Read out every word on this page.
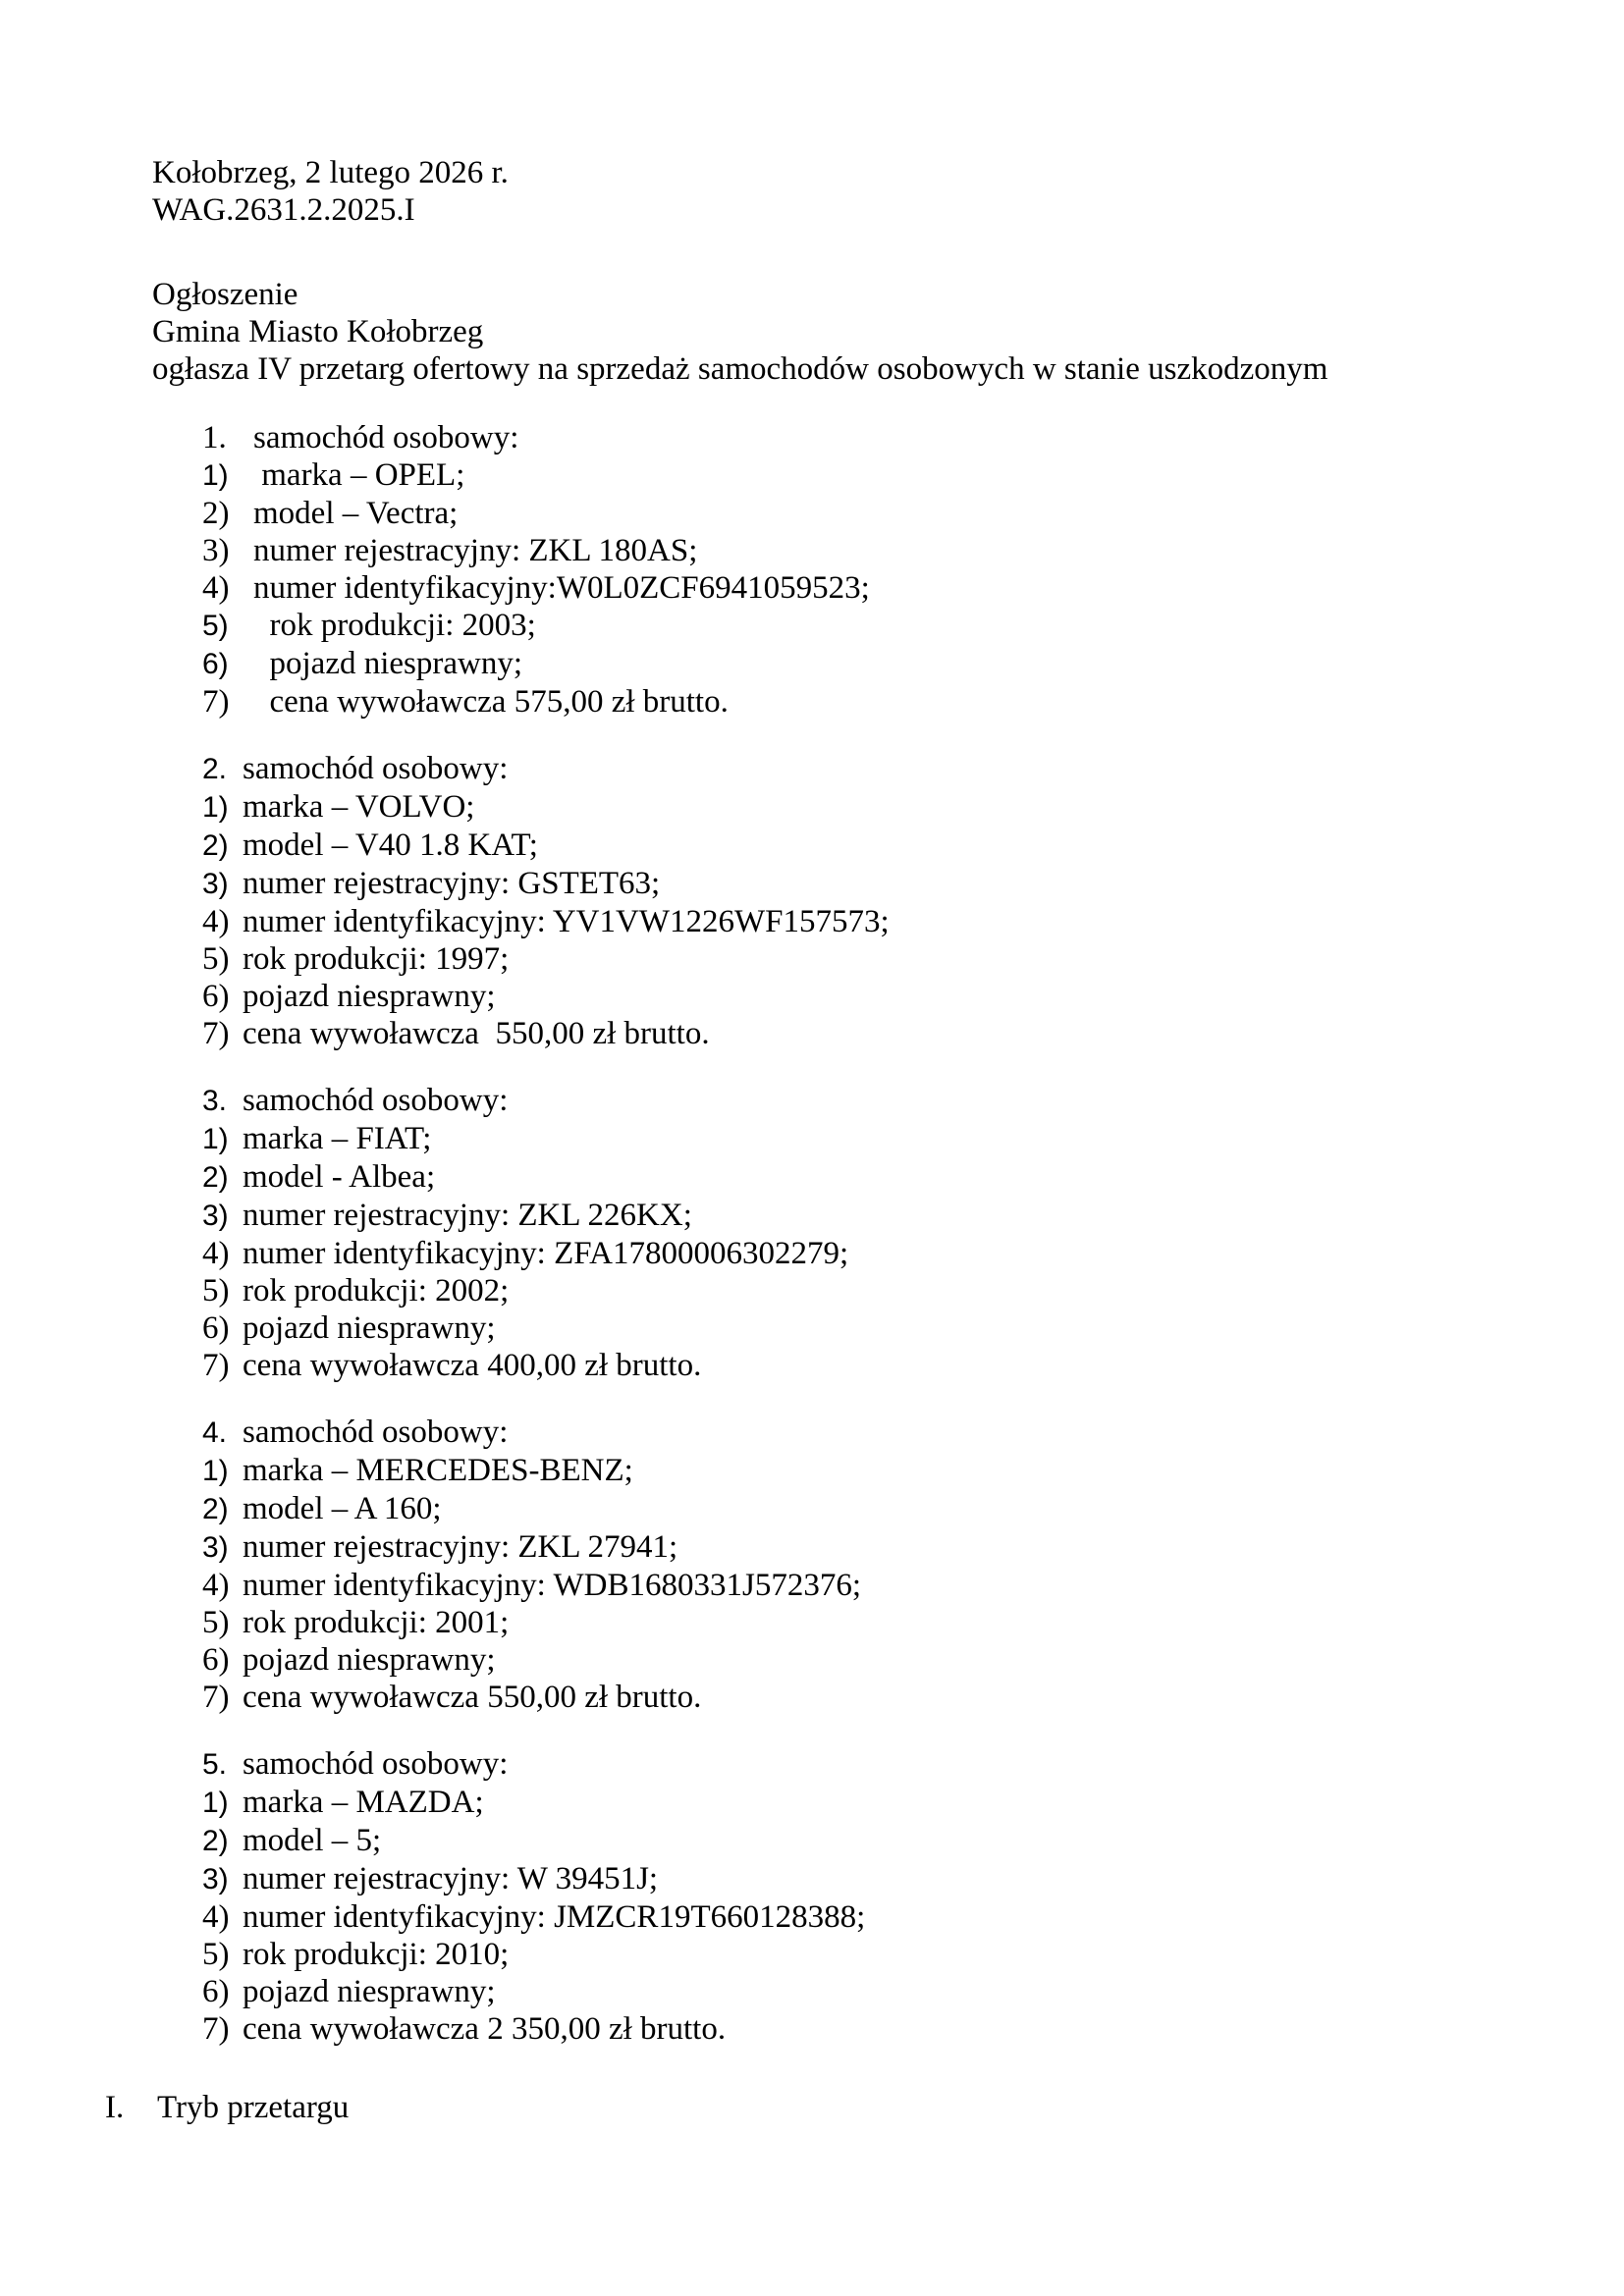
Kołobrzeg, 2 lutego 2026 r.
WAG.2631.2.2025.I
Ogłoszenie
Gmina Miasto Kołobrzeg
ogłasza IV przetarg ofertowy na sprzedaż samochodów osobowych w stanie uszkodzonym
1. samochód osobowy:
1) marka – OPEL;
2) model – Vectra;
3) numer rejestracyjny: ZKL 180AS;
4) numer identyfikacyjny:W0L0ZCF6941059523;
5) rok produkcji: 2003;
6) pojazd niesprawny;
7) cena wywoławcza 575,00 zł brutto.
2. samochód osobowy:
1) marka – VOLVO;
2) model – V40 1.8 KAT;
3) numer rejestracyjny: GSTET63;
4) numer identyfikacyjny: YV1VW1226WF157573;
5) rok produkcji: 1997;
6) pojazd niesprawny;
7) cena wywoławcza  550,00 zł brutto.
3. samochód osobowy:
1) marka – FIAT;
2) model - Albea;
3) numer rejestracyjny: ZKL 226KX;
4) numer identyfikacyjny: ZFA17800006302279;
5) rok produkcji: 2002;
6) pojazd niesprawny;
7) cena wywoławcza 400,00 zł brutto.
4. samochód osobowy:
1) marka – MERCEDES-BENZ;
2) model – A 160;
3) numer rejestracyjny: ZKL 27941;
4) numer identyfikacyjny: WDB1680331J572376;
5) rok produkcji: 2001;
6) pojazd niesprawny;
7) cena wywoławcza 550,00 zł brutto.
5. samochód osobowy:
1) marka – MAZDA;
2) model – 5;
3) numer rejestracyjny: W 39451J;
4) numer identyfikacyjny: JMZCR19T660128388;
5) rok produkcji: 2010;
6) pojazd niesprawny;
7) cena wywoławcza 2 350,00 zł brutto.
I.	Tryb przetargu
